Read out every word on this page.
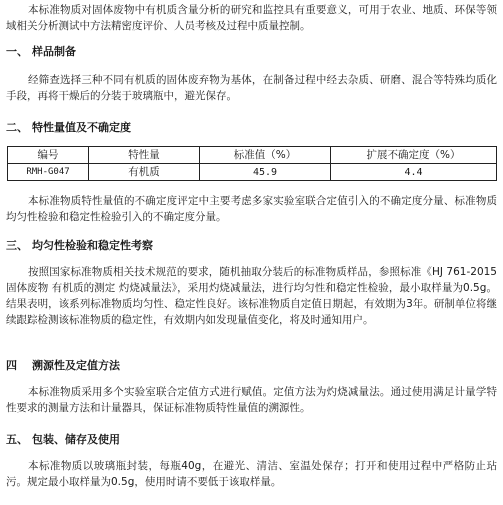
本标准物质对固体废物中有机质含量分析的研究和监控具有重要意义，可用于农业、地质、环保等领域相关分析测试中方法精密度评价、人员考核及过程中质量控制。

一、 样品制备

经筛查选择三种不同有机质的固体废弃物为基体，在制备过程中经去杂质、研磨、混合等特殊均质化手段，再将干燥后的分装于玻璃瓶中，避光保存。

二、 特性量值及不确定度
编号	特性量	标准值（%）	扩展不确定度（%）
RMH-G047	有机质	45.9	4.4

本标准物质特性量值的不确定度评定中主要考虑多家实验室联合定值引入的不确定度分量、标准物质均匀性检验和稳定性检验引入的不确定度分量。

三、 均匀性检验和稳定性考察

按照国家标准物质相关技术规范的要求，随机抽取分装后的标准物质样品，参照标准《HJ 761-2015固体废物 有机质的测定 灼烧减量法》，采用灼烧减量法，进行均匀性和稳定性检验，最小取样量为0.5g。结果表明，该系列标准物质均匀性、稳定性良好。该标准物质自定值日期起，有效期为3年。研制单位将继续跟踪检测该标准物质的稳定性，有效期内如发现量值变化，将及时通知用户。

四	溯源性及定值方法

本标准物质采用多个实验室联合定值方式进行赋值。定值方法为灼烧减量法。通过使用满足计量学特性要求的测量方法和计量器具，保证标准物质特性量值的溯源性。

五、 包装、储存及使用

本标准物质以玻璃瓶封装，每瓶40g，在避光、清洁、室温处保存；打开和使用过程中严格防止玷污。规定最小取样量为0.5g，使用时请不要低于该取样量。
